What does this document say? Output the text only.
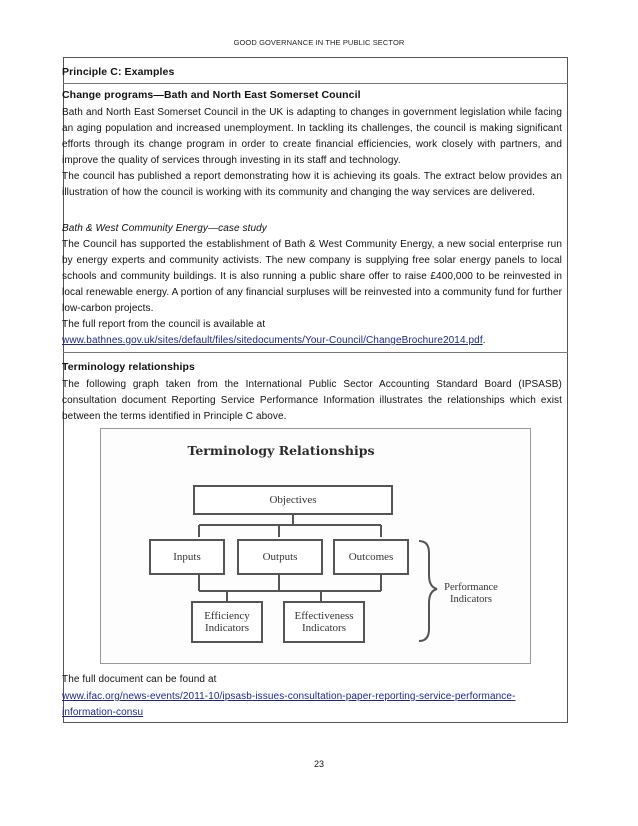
GOOD GOVERNANCE IN THE PUBLIC SECTOR
Principle C: Examples
Change programs—Bath and North East Somerset Council
Bath and North East Somerset Council in the UK is adapting to changes in government legislation while facing an aging population and increased unemployment. In tackling its challenges, the council is making significant efforts through its change program in order to create financial efficiencies, work closely with partners, and improve the quality of services through investing in its staff and technology.
The council has published a report demonstrating how it is achieving its goals. The extract below provides an illustration of how the council is working with its community and changing the way services are delivered.
Bath & West Community Energy—case study
The Council has supported the establishment of Bath & West Community Energy, a new social enterprise run by energy experts and community activists. The new company is supplying free solar energy panels to local schools and community buildings. It is also running a public share offer to raise £400,000 to be reinvested in local renewable energy. A portion of any financial surpluses will be reinvested into a community fund for further low-carbon projects.
The full report from the council is available at
www.bathnes.gov.uk/sites/default/files/sitedocuments/Your-Council/ChangeBrochure2014.pdf.
Terminology relationships
The following graph taken from the International Public Sector Accounting Standard Board (IPSASB) consultation document Reporting Service Performance Information illustrates the relationships which exist between the terms identified in Principle C above.
Terminology Relationships
Objectives
Inputs	Outputs	Outcomes
Efficiency
Indicators
Effectiveness
Indicators
Performance
Indicators
The full document can be found at
www.ifac.org/news-events/2011-10/ipsasb-issues-consultation-paper-reporting-service-performance-
information-consu
23
